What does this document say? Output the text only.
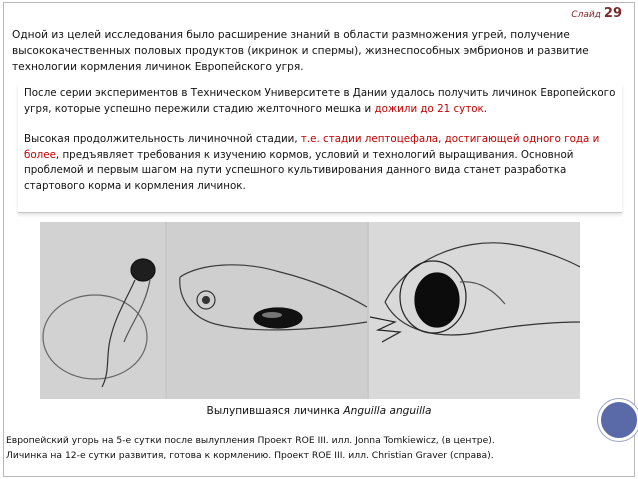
Слайд 29
Одной из целей исследования было расширение знаний в области размножения угрей, получение высококачественных половых продуктов (икринок и спермы), жизнеспособных эмбрионов и развитие технологии кормления личинок Европейского угря.

После серии экспериментов в Техническом Университете в Дании удалось получить личинок Европейского угря, которые успешно пережили стадию желточного мешка и дожили до 21 суток.

Высокая продолжительность личиночной стадии, т.е. стадии лептоцефала, достигающей одного года и более, предъявляет требования к изучению кормов, условий и технологий выращивания. Основной проблемой и первым шагом на пути успешного культивирования данного вида станет разработка стартового корма и кормления личинок.

Вылупившаяся личинка Anguilla anguilla
Европейский угорь на 5-е сутки после вылупления Проект ROE III. илл. Jonna Tomkiewicz, (в центре).
Личинка на 12-е сутки развития, готова к кормлению. Проект ROE III. илл. Christian Graver (справа).
